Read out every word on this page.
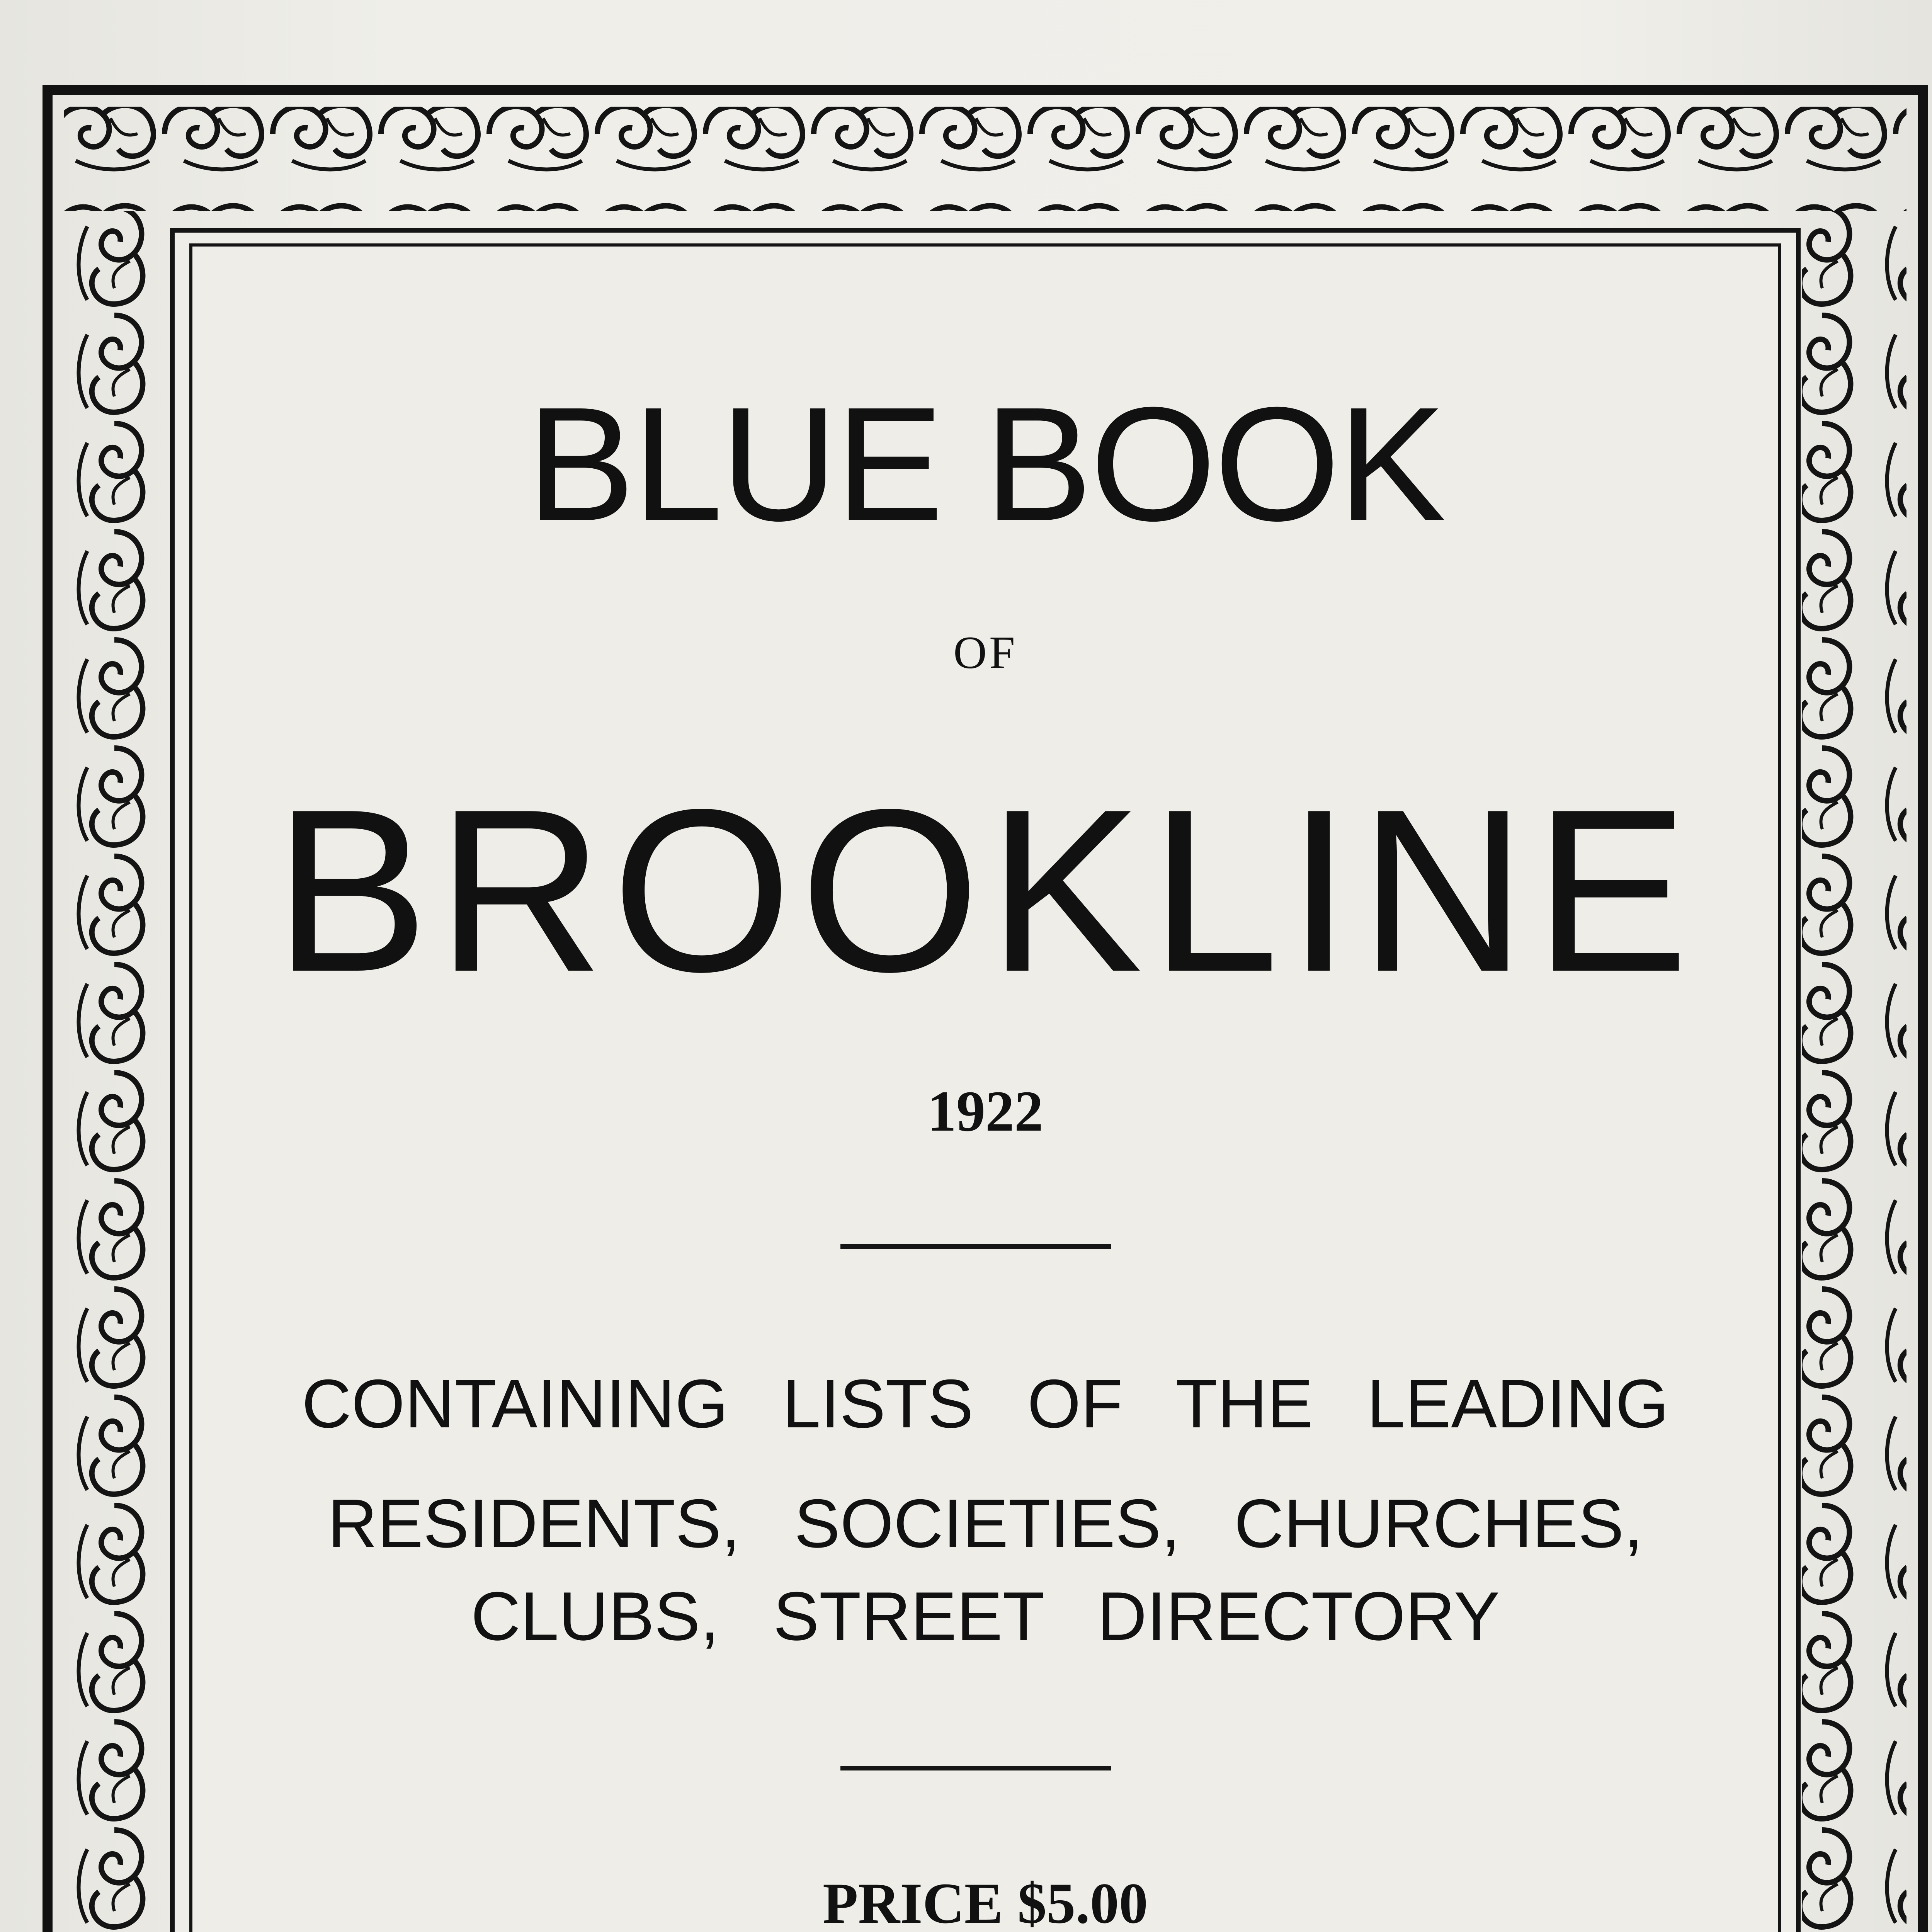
BLUE BOOK
OF
BROOKLINE
1922
CONTAINING LISTS OF THE LEADING
RESIDENTS, SOCIETIES, CHURCHES,
CLUBS, STREET DIRECTORY
PRICE $5.00
